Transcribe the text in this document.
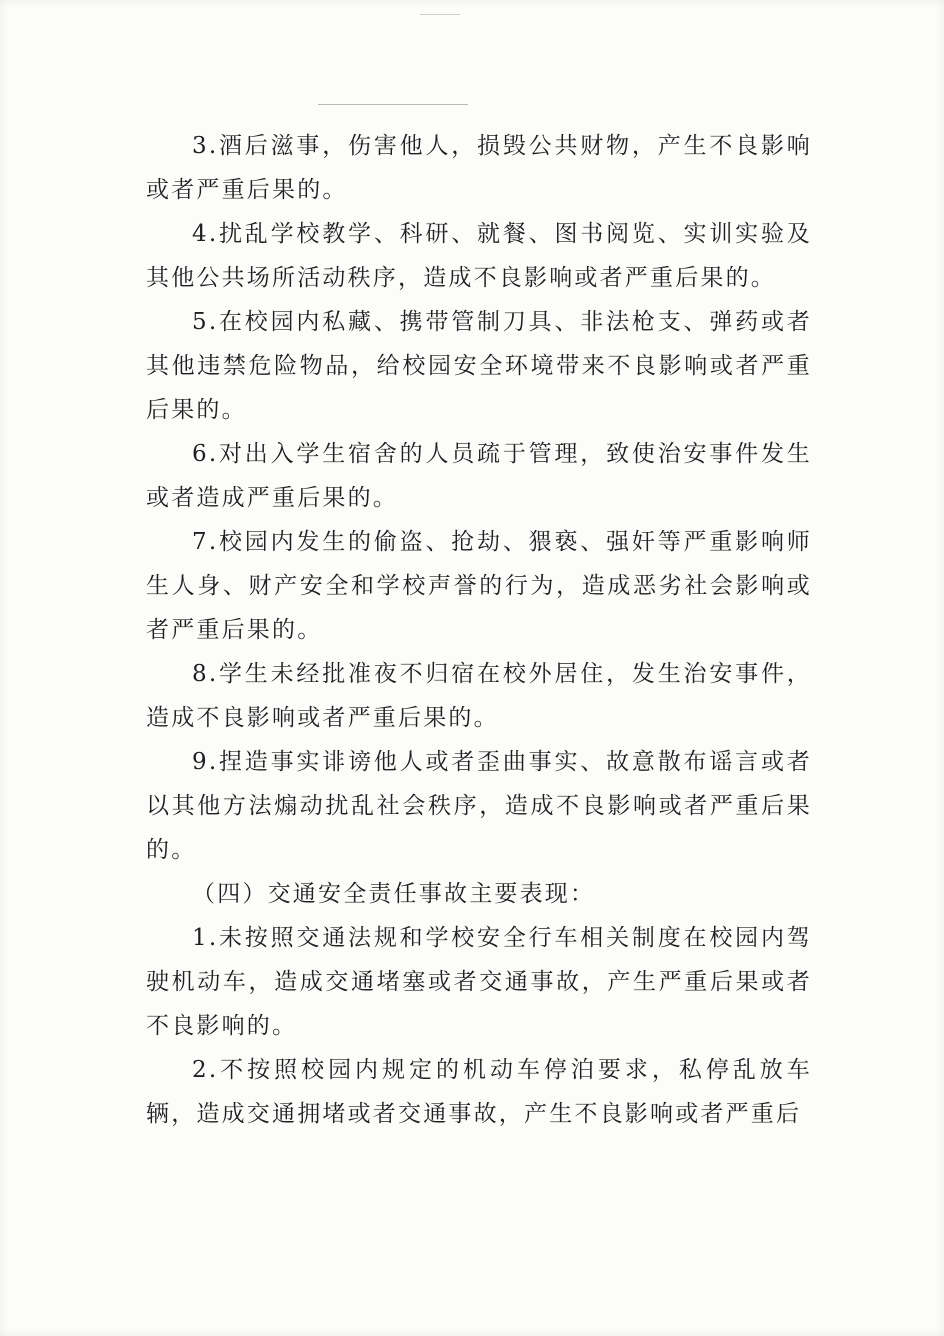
3.酒后滋事，伤害他人，损毁公共财物，产生不良影响或者严重后果的。

4.扰乱学校教学、科研、就餐、图书阅览、实训实验及其他公共场所活动秩序，造成不良影响或者严重后果的。

5.在校园内私藏、携带管制刀具、非法枪支、弹药或者其他违禁危险物品，给校园安全环境带来不良影响或者严重后果的。

6.对出入学生宿舍的人员疏于管理，致使治安事件发生或者造成严重后果的。

7.校园内发生的偷盗、抢劫、猥亵、强奸等严重影响师生人身、财产安全和学校声誉的行为，造成恶劣社会影响或者严重后果的。

8.学生未经批准夜不归宿在校外居住，发生治安事件，造成不良影响或者严重后果的。

9.捏造事实诽谤他人或者歪曲事实、故意散布谣言或者以其他方法煽动扰乱社会秩序，造成不良影响或者严重后果的。

（四）交通安全责任事故主要表现：

1.未按照交通法规和学校安全行车相关制度在校园内驾驶机动车，造成交通堵塞或者交通事故，产生严重后果或者不良影响的。

2.不按照校园内规定的机动车停泊要求，私停乱放车辆，造成交通拥堵或者交通事故，产生不良影响或者严重后
